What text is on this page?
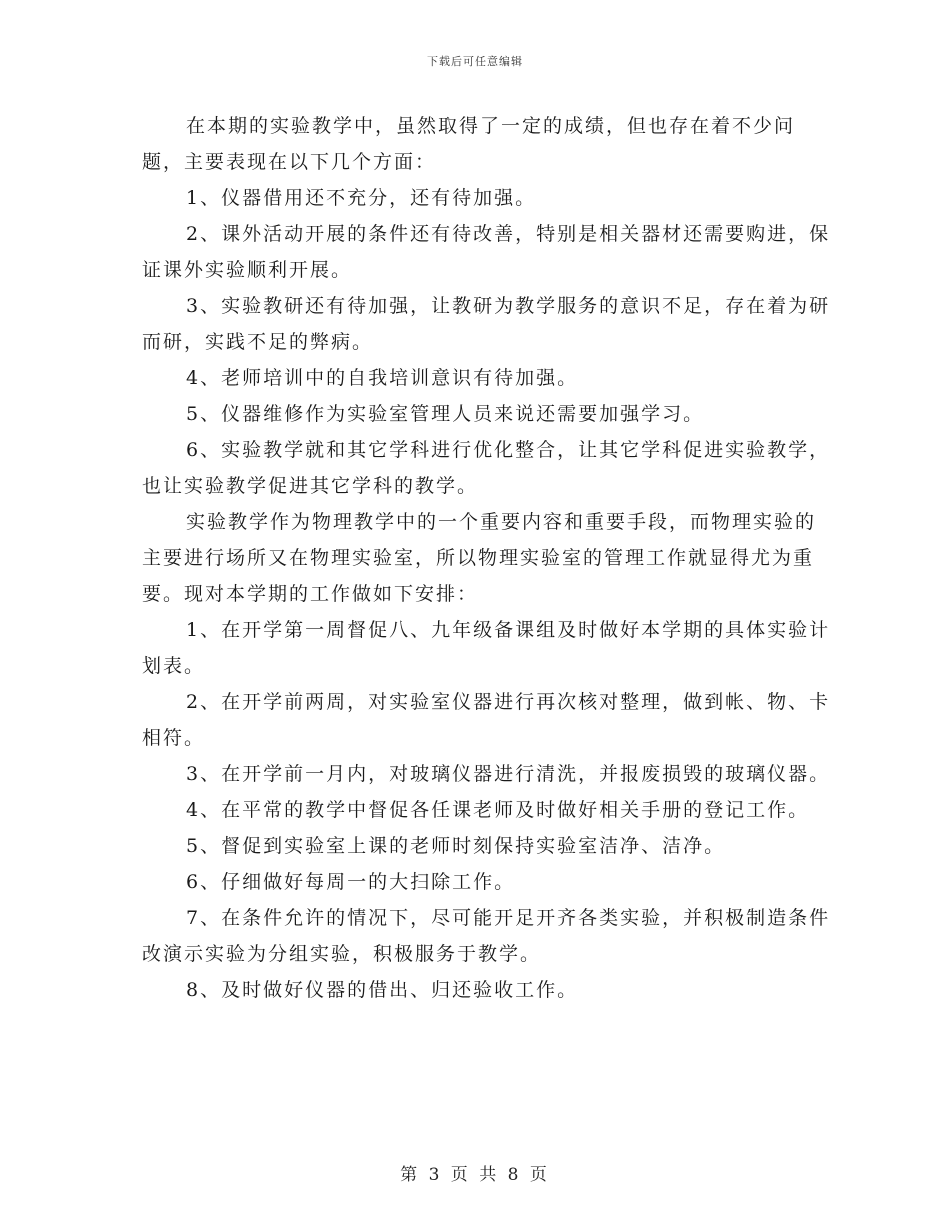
下载后可任意编辑

在本期的实验教学中，虽然取得了一定的成绩，但也存在着不少问题，主要表现在以下几个方面：

1、仪器借用还不充分，还有待加强。

2、课外活动开展的条件还有待改善，特别是相关器材还需要购进，保证课外实验顺利开展。

3、实验教研还有待加强，让教研为教学服务的意识不足，存在着为研而研，实践不足的弊病。

4、老师培训中的自我培训意识有待加强。

5、仪器维修作为实验室管理人员来说还需要加强学习。

6、实验教学就和其它学科进行优化整合，让其它学科促进实验教学，也让实验教学促进其它学科的教学。

实验教学作为物理教学中的一个重要内容和重要手段，而物理实验的主要进行场所又在物理实验室，所以物理实验室的管理工作就显得尤为重要。现对本学期的工作做如下安排：

1、在开学第一周督促八、九年级备课组及时做好本学期的具体实验计划表。

2、在开学前两周，对实验室仪器进行再次核对整理，做到帐、物、卡相符。

3、在开学前一月内，对玻璃仪器进行清洗，并报废损毁的玻璃仪器。

4、在平常的教学中督促各任课老师及时做好相关手册的登记工作。

5、督促到实验室上课的老师时刻保持实验室洁净、洁净。

6、仔细做好每周一的大扫除工作。

7、在条件允许的情况下，尽可能开足开齐各类实验，并积极制造条件改演示实验为分组实验，积极服务于教学。

8、及时做好仪器的借出、归还验收工作。

第 3 页 共 8 页
